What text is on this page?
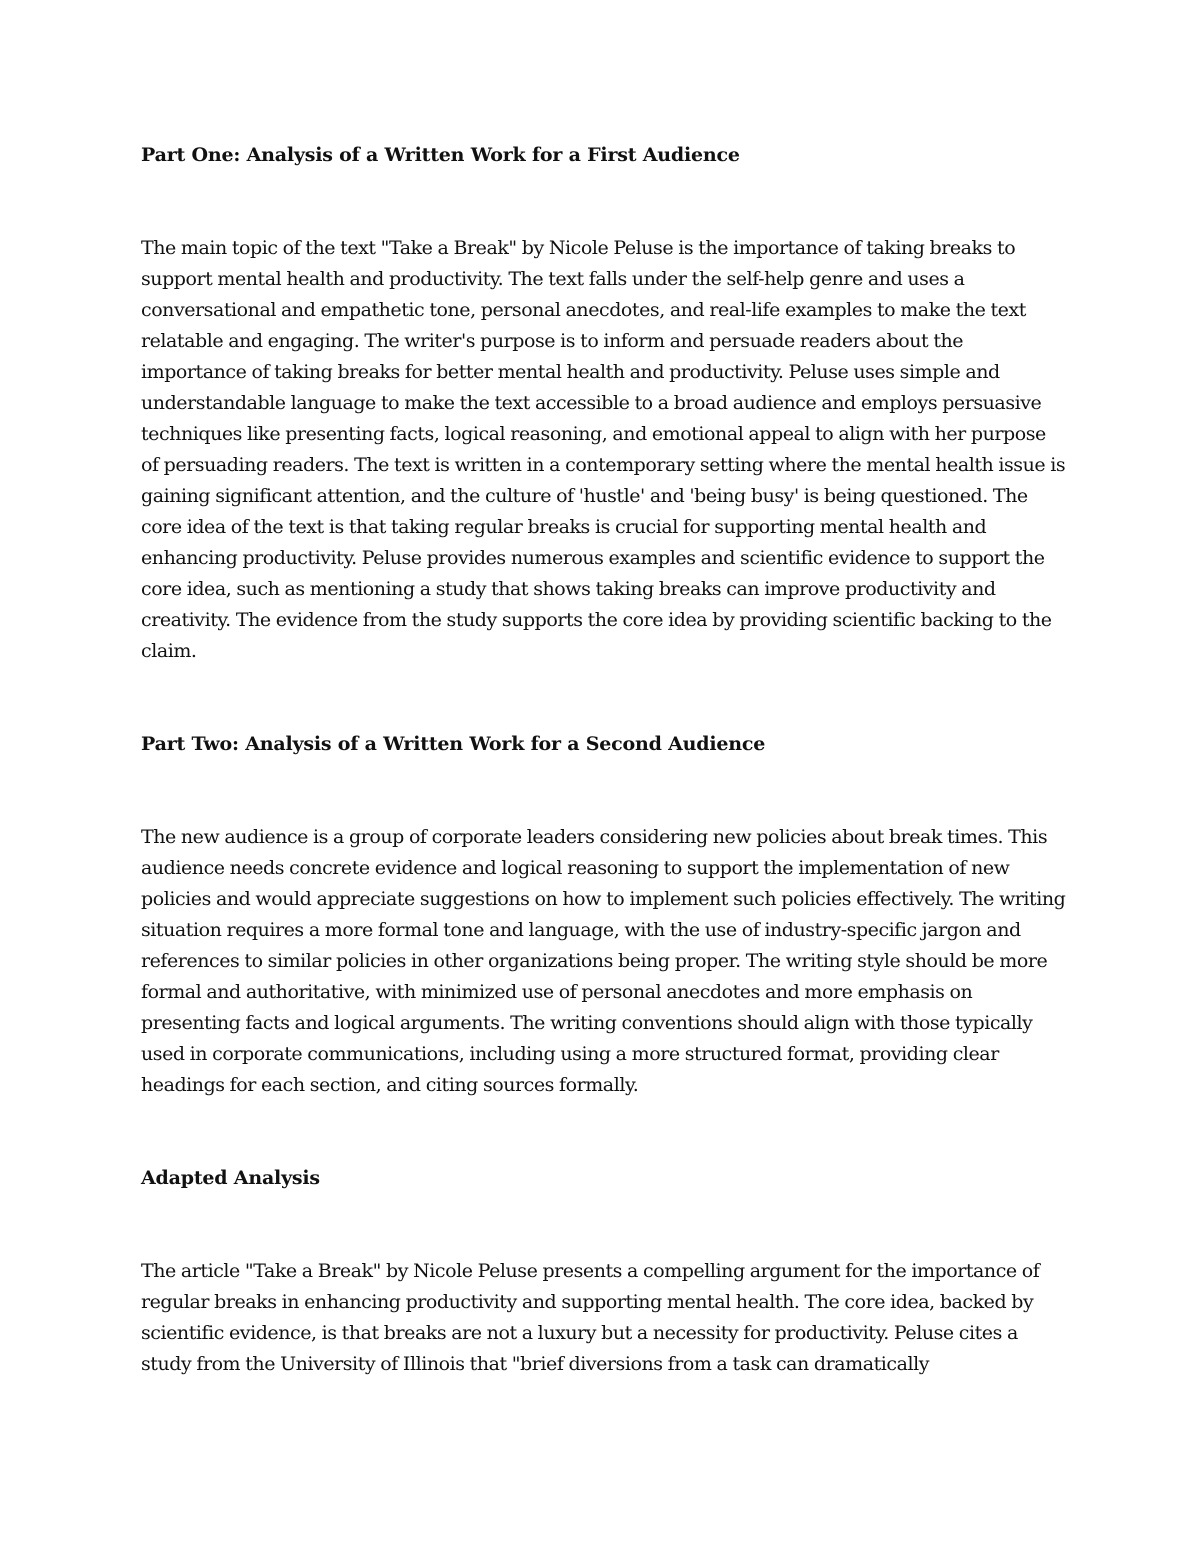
Part One: Analysis of a Written Work for a First Audience

The main topic of the text "Take a Break" by Nicole Peluse is the importance of taking breaks to support mental health and productivity. The text falls under the self-help genre and uses a conversational and empathetic tone, personal anecdotes, and real-life examples to make the text relatable and engaging. The writer's purpose is to inform and persuade readers about the importance of taking breaks for better mental health and productivity. Peluse uses simple and understandable language to make the text accessible to a broad audience and employs persuasive techniques like presenting facts, logical reasoning, and emotional appeal to align with her purpose of persuading readers. The text is written in a contemporary setting where the mental health issue is gaining significant attention, and the culture of 'hustle' and 'being busy' is being questioned. The core idea of the text is that taking regular breaks is crucial for supporting mental health and enhancing productivity. Peluse provides numerous examples and scientific evidence to support the core idea, such as mentioning a study that shows taking breaks can improve productivity and creativity. The evidence from the study supports the core idea by providing scientific backing to the claim.

Part Two: Analysis of a Written Work for a Second Audience

The new audience is a group of corporate leaders considering new policies about break times. This audience needs concrete evidence and logical reasoning to support the implementation of new policies and would appreciate suggestions on how to implement such policies effectively. The writing situation requires a more formal tone and language, with the use of industry-specific jargon and references to similar policies in other organizations being proper. The writing style should be more formal and authoritative, with minimized use of personal anecdotes and more emphasis on presenting facts and logical arguments. The writing conventions should align with those typically used in corporate communications, including using a more structured format, providing clear headings for each section, and citing sources formally.

Adapted Analysis

The article "Take a Break" by Nicole Peluse presents a compelling argument for the importance of regular breaks in enhancing productivity and supporting mental health. The core idea, backed by scientific evidence, is that breaks are not a luxury but a necessity for productivity. Peluse cites a study from the University of Illinois that "brief diversions from a task can dramatically
